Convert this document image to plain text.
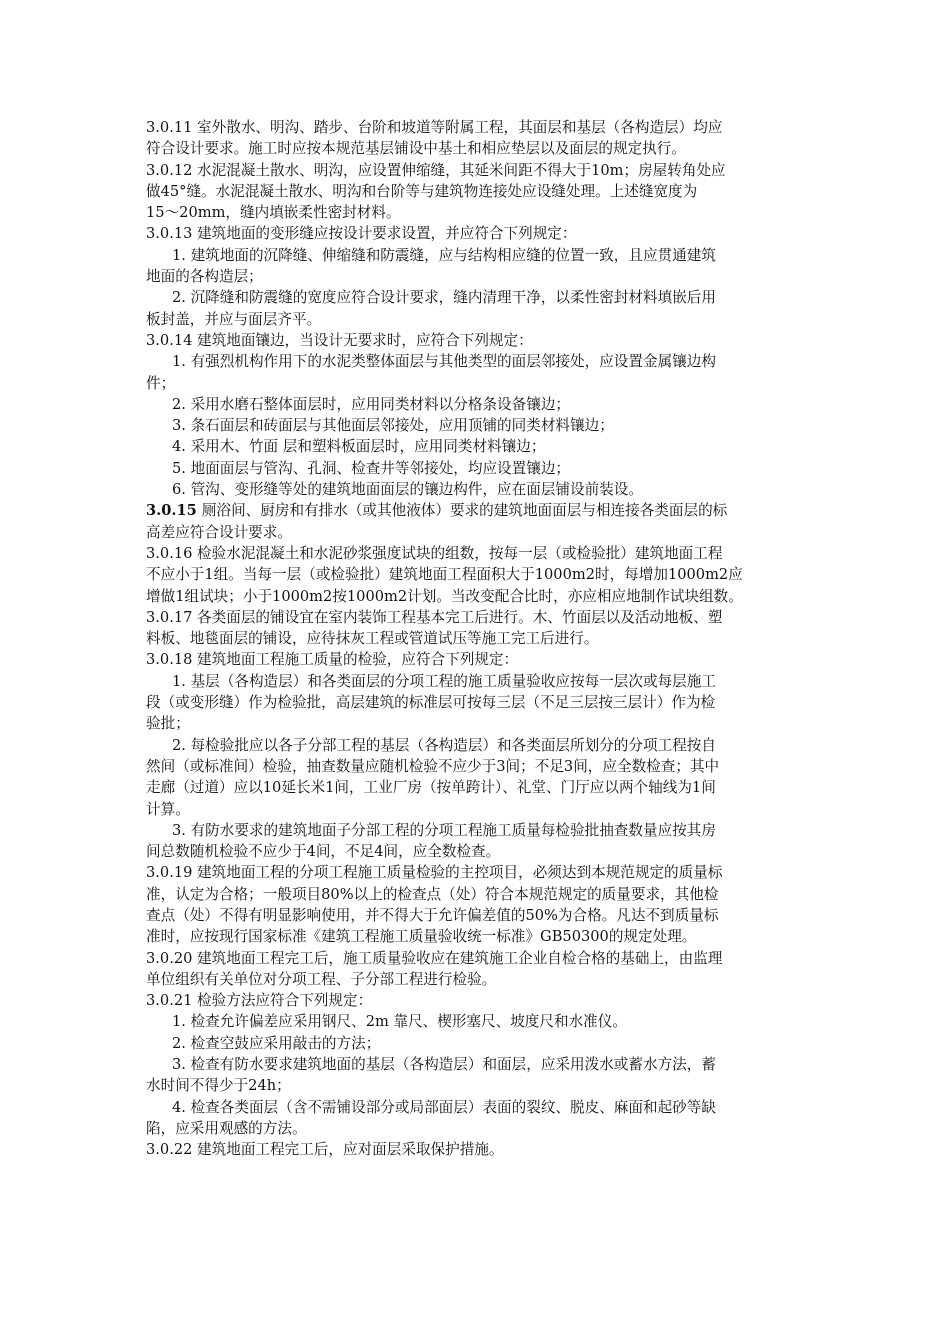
3.0.11 室外散水、明沟、踏步、台阶和坡道等附属工程，其面层和基层（各构造层）均应
符合设计要求。施工时应按本规范基层铺设中基土和相应垫层以及面层的规定执行。
3.0.12 水泥混凝土散水、明沟，应设置伸缩缝，其延米间距不得大于10m；房屋转角处应
做45°缝。水泥混凝土散水、明沟和台阶等与建筑物连接处应设缝处理。上述缝宽度为
15～20mm，缝内填嵌柔性密封材料。
3.0.13 建筑地面的变形缝应按设计要求设置，并应符合下列规定：
1. 建筑地面的沉降缝、伸缩缝和防震缝，应与结构相应缝的位置一致，且应贯通建筑
地面的各构造层；
2. 沉降缝和防震缝的宽度应符合设计要求，缝内清理干净，以柔性密封材料填嵌后用
板封盖，并应与面层齐平。
3.0.14 建筑地面镶边，当设计无要求时，应符合下列规定：
1. 有强烈机构作用下的水泥类整体面层与其他类型的面层邻接处，应设置金属镶边构
件；
2. 采用水磨石整体面层时，应用同类材料以分格条设备镶边；
3. 条石面层和砖面层与其他面层邻接处，应用顶铺的同类材料镶边；
4. 采用木、竹面 层和塑料板面层时，应用同类材料镶边；
5. 地面面层与管沟、孔洞、检查井等邻接处，均应设置镶边；
6. 管沟、变形缝等处的建筑地面面层的镶边构件，应在面层铺设前装设。
3.0.15 厕浴间、厨房和有排水（或其他液体）要求的建筑地面面层与相连接各类面层的标
高差应符合设计要求。
3.0.16 检验水泥混凝土和水泥砂浆强度试块的组数，按每一层（或检验批）建筑地面工程
不应小于1组。当每一层（或检验批）建筑地面工程面积大于1000m2时，每增加1000m2应
增做1组试块；小于1000m2按1000m2计划。当改变配合比时，亦应相应地制作试块组数。
3.0.17 各类面层的铺设宜在室内装饰工程基本完工后进行。木、竹面层以及活动地板、塑
料板、地毯面层的铺设，应待抹灰工程或管道试压等施工完工后进行。
3.0.18 建筑地面工程施工质量的检验，应符合下列规定：
1. 基层（各构造层）和各类面层的分项工程的施工质量验收应按每一层次或每层施工
段（或变形缝）作为检验批，高层建筑的标准层可按每三层（不足三层按三层计）作为检
验批；
2. 每检验批应以各子分部工程的基层（各构造层）和各类面层所划分的分项工程按自
然间（或标准间）检验，抽查数量应随机检验不应少于3间；不足3间，应全数检查；其中
走廊（过道）应以10延长米1间，工业厂房（按单跨计）、礼堂、门厅应以两个轴线为1间
计算。
3. 有防水要求的建筑地面子分部工程的分项工程施工质量每检验批抽查数量应按其房
间总数随机检验不应少于4间，不足4间，应全数检查。
3.0.19 建筑地面工程的分项工程施工质量检验的主控项目，必须达到本规范规定的质量标
准，认定为合格；一般项目80%以上的检查点（处）符合本规范规定的质量要求，其他检
查点（处）不得有明显影响使用，并不得大于允许偏差值的50%为合格。凡达不到质量标
准时，应按现行国家标准《建筑工程施工质量验收统一标准》GB50300的规定处理。
3.0.20 建筑地面工程完工后，施工质量验收应在建筑施工企业自检合格的基础上，由监理
单位组织有关单位对分项工程、子分部工程进行检验。
3.0.21 检验方法应符合下列规定：
1. 检查允许偏差应采用钢尺、2m 靠尺、楔形塞尺、坡度尺和水准仪。
2. 检查空鼓应采用敲击的方法；
3. 检查有防水要求建筑地面的基层（各构造层）和面层，应采用泼水或蓄水方法，蓄
水时间不得少于24h；
4. 检查各类面层（含不需铺设部分或局部面层）表面的裂纹、脱皮、麻面和起砂等缺
陷，应采用观感的方法。
3.0.22 建筑地面工程完工后，应对面层采取保护措施。
